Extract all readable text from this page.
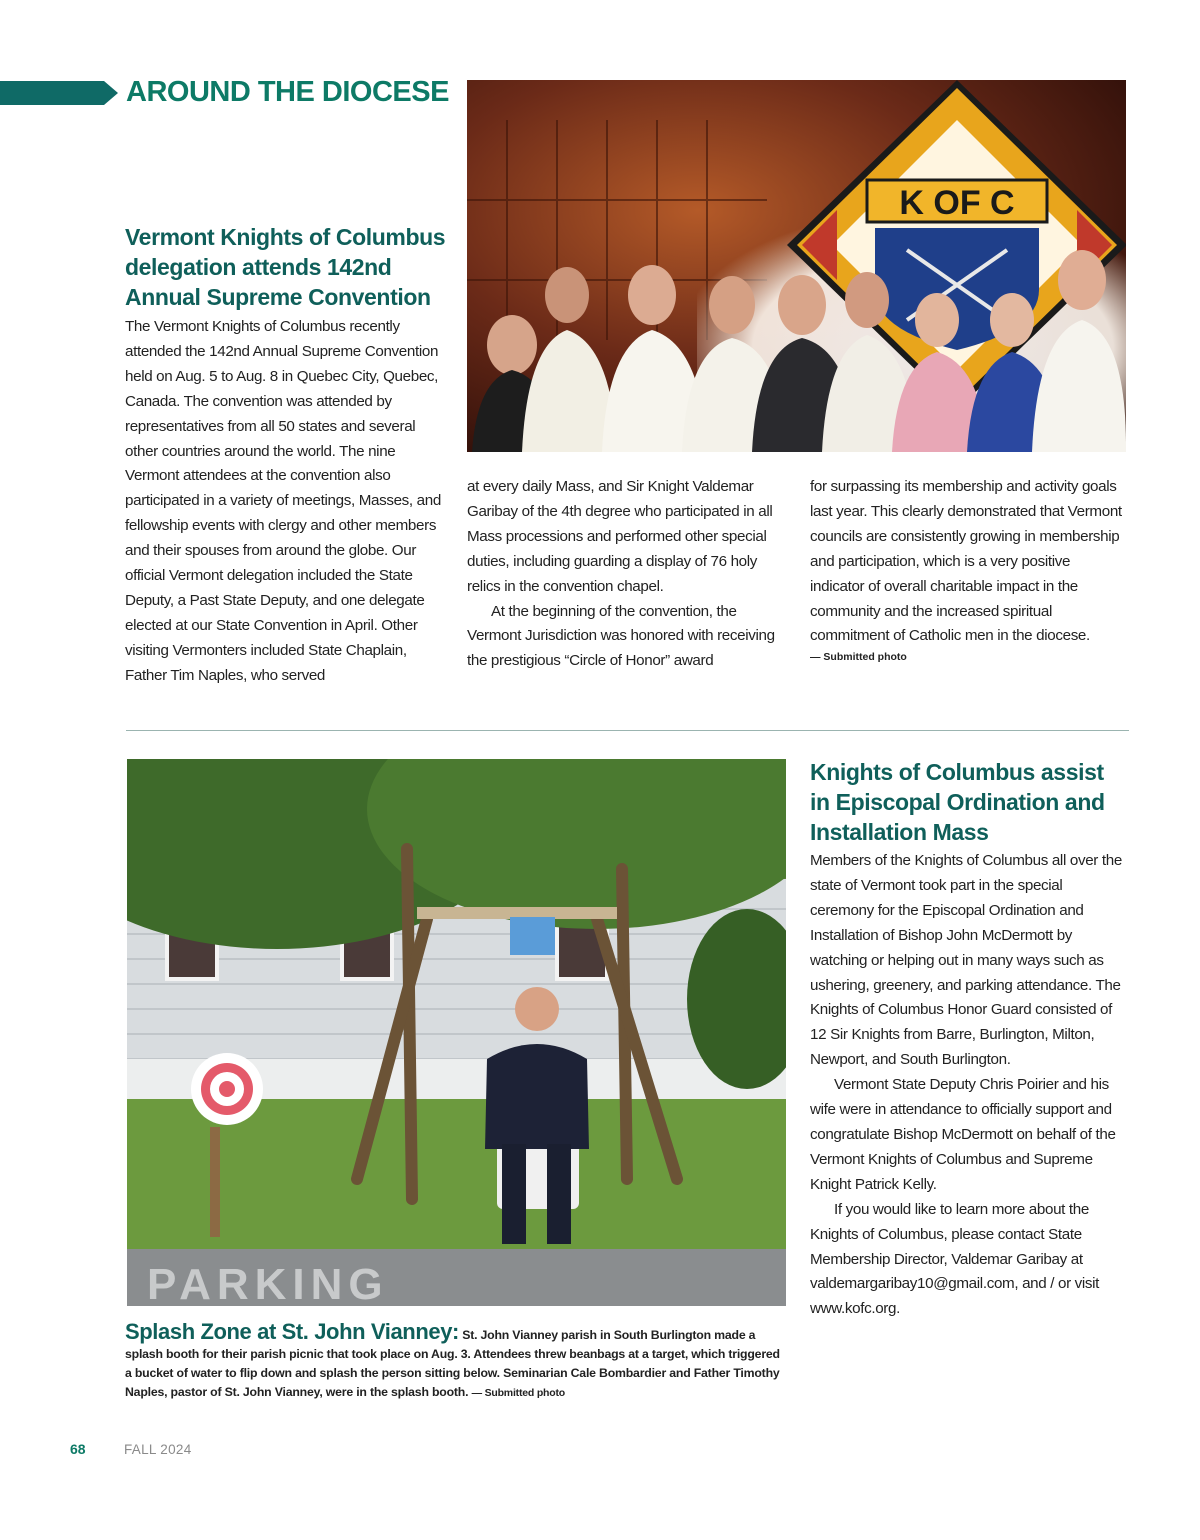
AROUND THE DIOCESE
Vermont Knights of Columbus
delegation attends 142nd
Annual Supreme Convention

The Vermont Knights of Columbus recently attended the 142nd Annual Supreme Convention held on Aug. 5 to Aug. 8 in Quebec City, Quebec, Canada. The convention was attended by representatives from all 50 states and several other countries around the world. The nine Vermont attendees at the convention also participated in a variety of meetings, Masses, and fellowship events with clergy and other members and their spouses from around the globe. Our official Vermont delegation included the State Deputy, a Past State Deputy, and one delegate elected at our State Convention in April. Other visiting Vermonters included State Chaplain, Father Tim Naples, who served

at every daily Mass, and Sir Knight Valdemar Garibay of the 4th degree who participated in all Mass processions and performed other special duties, including guarding a display of 76 holy relics in the convention chapel.
At the beginning of the convention, the Vermont Jurisdiction was honored with receiving the prestigious “Circle of Honor” award

for surpassing its membership and activity goals last year. This clearly demonstrated that Vermont councils are consistently growing in membership and participation, which is a very positive indicator of overall charitable impact in the community and the increased spiritual commitment of Catholic men in the diocese.
— Submitted photo

K OF C
PARKING

Splash Zone at St. John Vianney: St. John Vianney parish in South Burlington made a splash booth for their parish picnic that took place on Aug. 3. Attendees threw beanbags at a target, which triggered a bucket of water to flip down and splash the person sitting below. Seminarian Cale Bombardier and Father Timothy Naples, pastor of St. John Vianney, were in the splash booth. — Submitted photo

Knights of Columbus assist
in Episcopal Ordination and
Installation Mass

Members of the Knights of Columbus all over the state of Vermont took part in the special ceremony for the Episcopal Ordination and Installation of Bishop John McDermott by watching or helping out in many ways such as ushering, greenery, and parking attendance. The Knights of Columbus Honor Guard consisted of 12 Sir Knights from Barre, Burlington, Milton, Newport, and South Burlington.
Vermont State Deputy Chris Poirier and his wife were in attendance to officially support and congratulate Bishop McDermott on behalf of the Vermont Knights of Columbus and Supreme Knight Patrick Kelly.
If you would like to learn more about the Knights of Columbus, please contact State Membership Director, Valdemar Garibay at valdemargaribay10@gmail.com, and / or visit www.kofc.org.

68	FALL 2024
